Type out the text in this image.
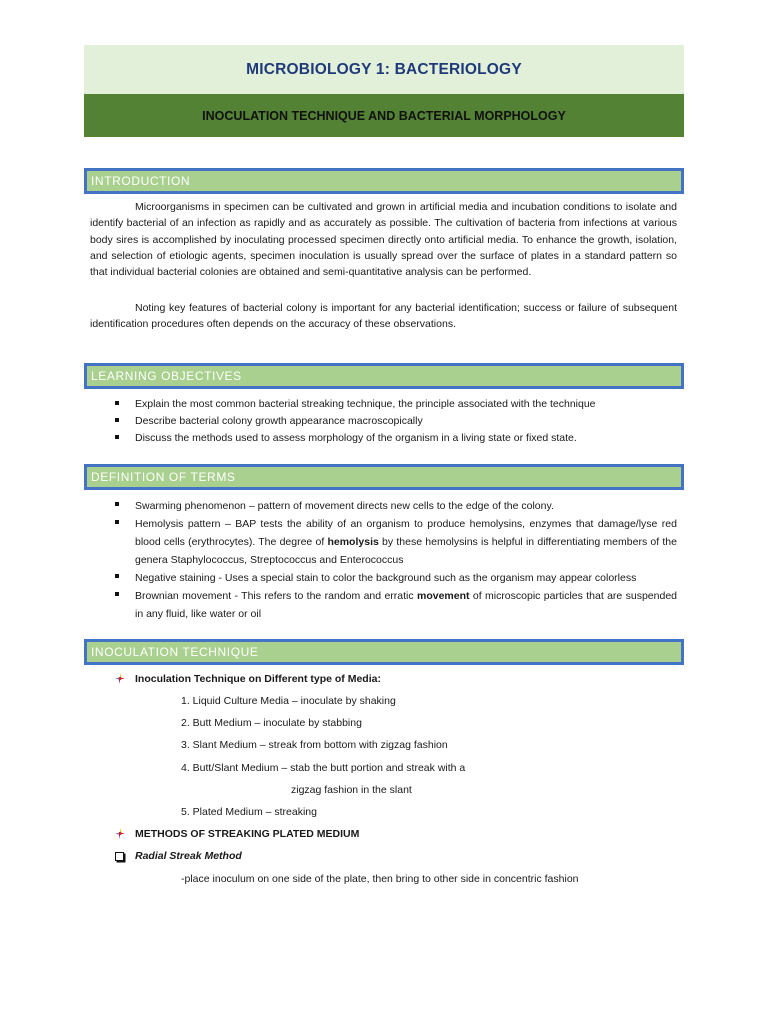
MICROBIOLOGY 1: BACTERIOLOGY
INOCULATION TECHNIQUE AND BACTERIAL MORPHOLOGY
INTRODUCTION

Microorganisms in specimen can be cultivated and grown in artificial media and incubation conditions to isolate and identify bacterial of an infection as rapidly and as accurately as possible. The cultivation of bacteria from infections at various body sires is accomplished by inoculating processed specimen directly onto artificial media. To enhance the growth, isolation, and selection of etiologic agents, specimen inoculation is usually spread over the surface of plates in a standard pattern so that individual bacterial colonies are obtained and semi-quantitative analysis can be performed.

Noting key features of bacterial colony is important for any bacterial identification; success or failure of subsequent identification procedures often depends on the accuracy of these observations.

LEARNING OBJECTIVES
Explain the most common bacterial streaking technique, the principle associated with the technique
Describe bacterial colony growth appearance macroscopically
Discuss the methods used to assess morphology of the organism in a living state or fixed state.
DEFINITION OF TERMS
Swarming phenomenon – pattern of movement directs new cells to the edge of the colony.
Hemolysis pattern – BAP tests the ability of an organism to produce hemolysins, enzymes that damage/lyse red blood cells (erythrocytes). The degree of hemolysis by these hemolysins is helpful in differentiating members of the genera Staphylococcus, Streptococcus and Enterococcus
Negative staining - Uses a special stain to color the background such as the organism may appear colorless
Brownian movement - This refers to the random and erratic movement of microscopic particles that are suspended in any fluid, like water or oil
INOCULATION TECHNIQUE
Inoculation Technique on Different type of Media:
1. Liquid Culture Media – inoculate by shaking
2. Butt Medium – inoculate by stabbing
3. Slant Medium – streak from bottom with zigzag fashion
4. Butt/Slant Medium – stab the butt portion and streak with a
zigzag fashion in the slant
5. Plated Medium – streaking
METHODS OF STREAKING PLATED MEDIUM
Radial Streak Method
-place inoculum on one side of the plate, then bring to other side in concentric fashion
